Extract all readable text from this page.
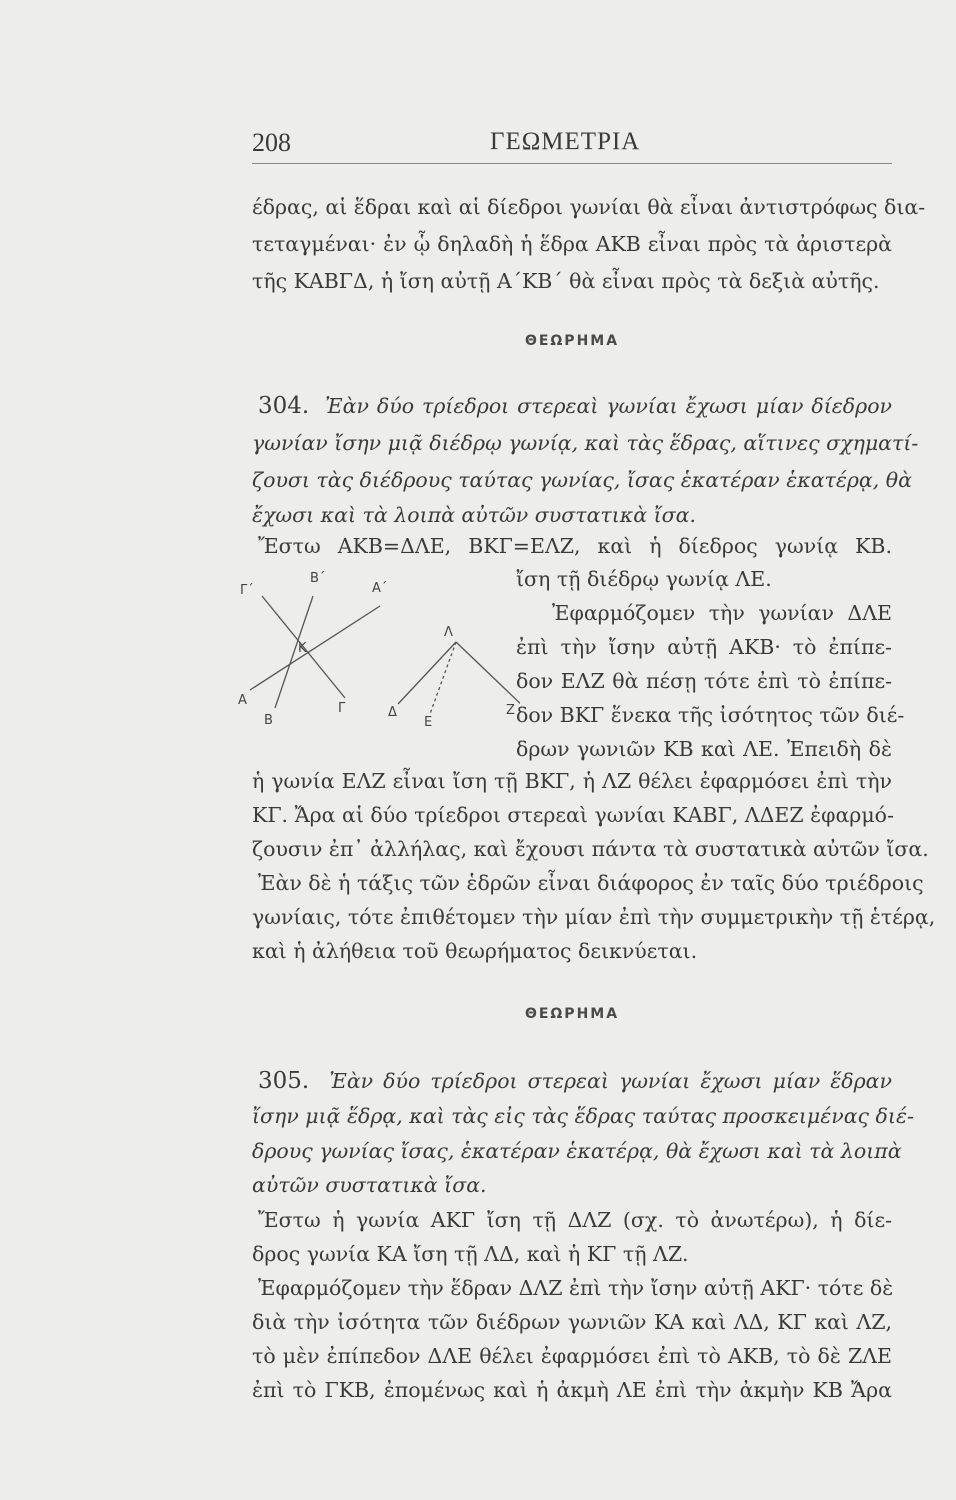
208	ΓΕΩΜΕΤΡΙΑ
έδρας, αἱ ἕδραι καὶ αἱ δίεδροι γωνίαι θὰ εἶναι ἀντιστρόφως δια-
τεταγμέναι· ἐν ᾧ δηλαδὴ ἡ ἕδρα ΑΚΒ εἶναι πρὸς τὰ ἀριστερὰ
τῆς ΚΑΒΓΔ, ἡ ἴση αὐτῇ Α΄ΚΒ΄ θὰ εἶναι πρὸς τὰ δεξιὰ αὐτῆς.
ΘΕΩΡΗΜΑ
304. Ἐὰν δύο τρίεδροι στερεαὶ γωνίαι ἔχωσι μίαν δίεδρον
γωνίαν ἴσην μιᾷ διέδρῳ γωνίᾳ, καὶ τὰς ἕδρας, αἵτινες σχηματί-
ζουσι τὰς διέδρους ταύτας γωνίας, ἴσας ἑκατέραν ἑκατέρᾳ, θὰ
ἔχωσι καὶ τὰ λοιπὰ αὐτῶν συστατικὰ ἴσα.
Ἔστω ΑΚΒ=ΔΛΕ, ΒΚΓ=ΕΛΖ, καὶ ἡ δίεδρος γωνίᾳ ΚΒ.
Β΄
Γ΄	Α΄
Κ
Λ
Α
Β
Γ	Δ
Ε
Ζ
ἴση τῇ διέδρῳ γωνίᾳ ΛΕ.
Ἐφαρμόζομεν τὴν γωνίαν ΔΛΕ
ἐπὶ τὴν ἴσην αὐτῇ ΑΚΒ· τὸ ἐπίπε-
δον ΕΛΖ θὰ πέσῃ τότε ἐπὶ τὸ ἐπίπε-
δον ΒΚΓ ἕνεκα τῆς ἰσότητος τῶν διέ-
δρων γωνιῶν ΚΒ καὶ ΛΕ. Ἐπειδὴ δὲ
ἡ γωνία ΕΛΖ εἶναι ἴση τῇ ΒΚΓ, ἡ ΛΖ θέλει ἐφαρμόσει ἐπὶ τὴν
ΚΓ. Ἄρα αἱ δύο τρίεδροι στερεαὶ γωνίαι ΚΑΒΓ, ΛΔΕΖ ἐφαρμό-
ζουσιν ἐπ᾽ ἀλλήλας, καὶ ἔχουσι πάντα τὰ συστατικὰ αὐτῶν ἴσα.
Ἐὰν δὲ ἡ τάξις τῶν ἑδρῶν εἶναι διάφορος ἐν ταῖς δύο τριέδροις
γωνίαις, τότε ἐπιθέτομεν τὴν μίαν ἐπὶ τὴν συμμετρικὴν τῇ ἑτέρᾳ,
καὶ ἡ ἀλήθεια τοῦ θεωρήματος δεικνύεται.
ΘΕΩΡΗΜΑ
305. Ἐὰν δύο τρίεδροι στερεαὶ γωνίαι ἔχωσι μίαν ἕδραν
ἴσην μιᾷ ἕδρᾳ, καὶ τὰς εἰς τὰς ἕδρας ταύτας προσκειμένας διέ-
δρους γωνίας ἴσας, ἑκατέραν ἑκατέρᾳ, θὰ ἔχωσι καὶ τὰ λοιπὰ
αὐτῶν συστατικὰ ἴσα.
Ἔστω ἡ γωνία ΑΚΓ ἴση τῇ ΔΛΖ (σχ. τὸ ἀνωτέρω), ἡ δίε-
δρος γωνία ΚΑ ἴση τῇ ΛΔ, καὶ ἡ ΚΓ τῇ ΛΖ.
Ἐφαρμόζομεν τὴν ἕδραν ΔΛΖ ἐπὶ τὴν ἴσην αὐτῇ ΑΚΓ· τότε δὲ
διὰ τὴν ἰσότητα τῶν διέδρων γωνιῶν ΚΑ καὶ ΛΔ, ΚΓ καὶ ΛΖ,
τὸ μὲν ἐπίπεδον ΔΛΕ θέλει ἐφαρμόσει ἐπὶ τὸ ΑΚΒ, τὸ δὲ ΖΛΕ
ἐπὶ τὸ ΓΚΒ, ἐπομένως καὶ ἡ ἀκμὴ ΛΕ ἐπὶ τὴν ἀκμὴν ΚΒ Ἄρα
